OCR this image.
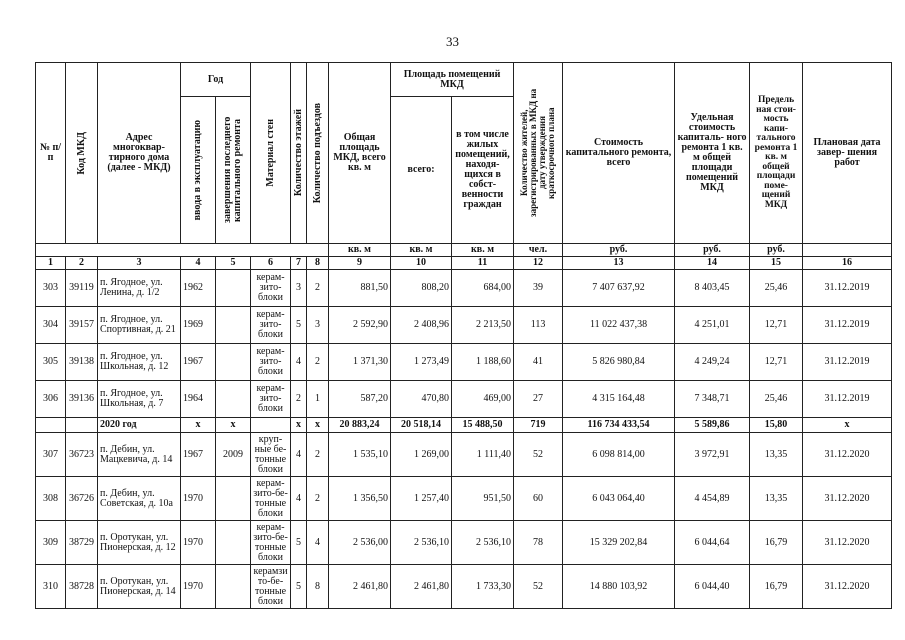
33
№ п/п	Код МКД	Адрес многоквар- тирного дома (далее - МКД)	Год		Материал стен	Количество этажей	Количество подъездов	Общая площадь МКД, всего кв. м	Площадь помещений МКД		Количество жителей, зарегистрированных в МКД на дату утверждения краткосрочного плана	Стоимость капитального ремонта, всего	Удельная стоимость капиталь- ного ремонта 1 кв. м общей площади помещений МКД	Предель ная стои- мость капи- тального ремонта 1 кв. м общей площади поме- щений МКД	Плановая дата завер- шения работ

			ввода в эксплуатацию	завершения последнего капитального ремонта					всего:	в том числе жилых помещений, находя- щихся в собст- венности граждан					
								кв. м	кв. м	кв. м	чел.	руб.	руб.	руб.	
1	2	3	4	5	6	7	8	9	10	11	12	13	14	15	16
303	39119	п. Ягодное, ул. Ленина, д. 1/2	1962		керам- зито- блоки	3	2	881,50	808,20	684,00	39	7 407 637,92	8 403,45	25,46	31.12.2019
304	39157	п. Ягодное, ул. Спортивная, д. 21	1969		керам- зито- блоки	5	3	2 592,90	2 408,96	2 213,50	113	11 022 437,38	4 251,01	12,71	31.12.2019
305	39138	п. Ягодное, ул. Школьная, д. 12	1967		керам- зито- блоки	4	2	1 371,30	1 273,49	1 188,60	41	5 826 980,84	4 249,24	12,71	31.12.2019
306	39136	п. Ягодное, ул. Школьная, д. 7	1964		керам- зито- блоки	2	1	587,20	470,80	469,00	27	4 315 164,48	7 348,71	25,46	31.12.2019
		2020 год	x	x		x	x	20 883,24	20 518,14	15 488,50	719	116 734 433,54	5 589,86	15,80	x
307	36723	п. Дебин, ул. Мацкевича, д. 14	1967	2009	круп- ные бе- тонные блоки	4	2	1 535,10	1 269,00	1 111,40	52	6 098 814,00	3 972,91	13,35	31.12.2020
308	36726	п. Дебин, ул. Советская, д. 10а	1970		керам- зито-бе- тонные блоки	4	2	1 356,50	1 257,40	951,50	60	6 043 064,40	4 454,89	13,35	31.12.2020
309	38729	п. Оротукан, ул. Пионерская, д. 12	1970		керам- зито-бе- тонные блоки	5	4	2 536,00	2 536,10	2 536,10	78	15 329 202,84	6 044,64	16,79	31.12.2020
310	38728	п. Оротукан, ул. Пионерская, д. 14	1970		керамзи то-бе- тонные блоки	5	8	2 461,80	2 461,80	1 733,30	52	14 880 103,92	6 044,40	16,79	31.12.2020
